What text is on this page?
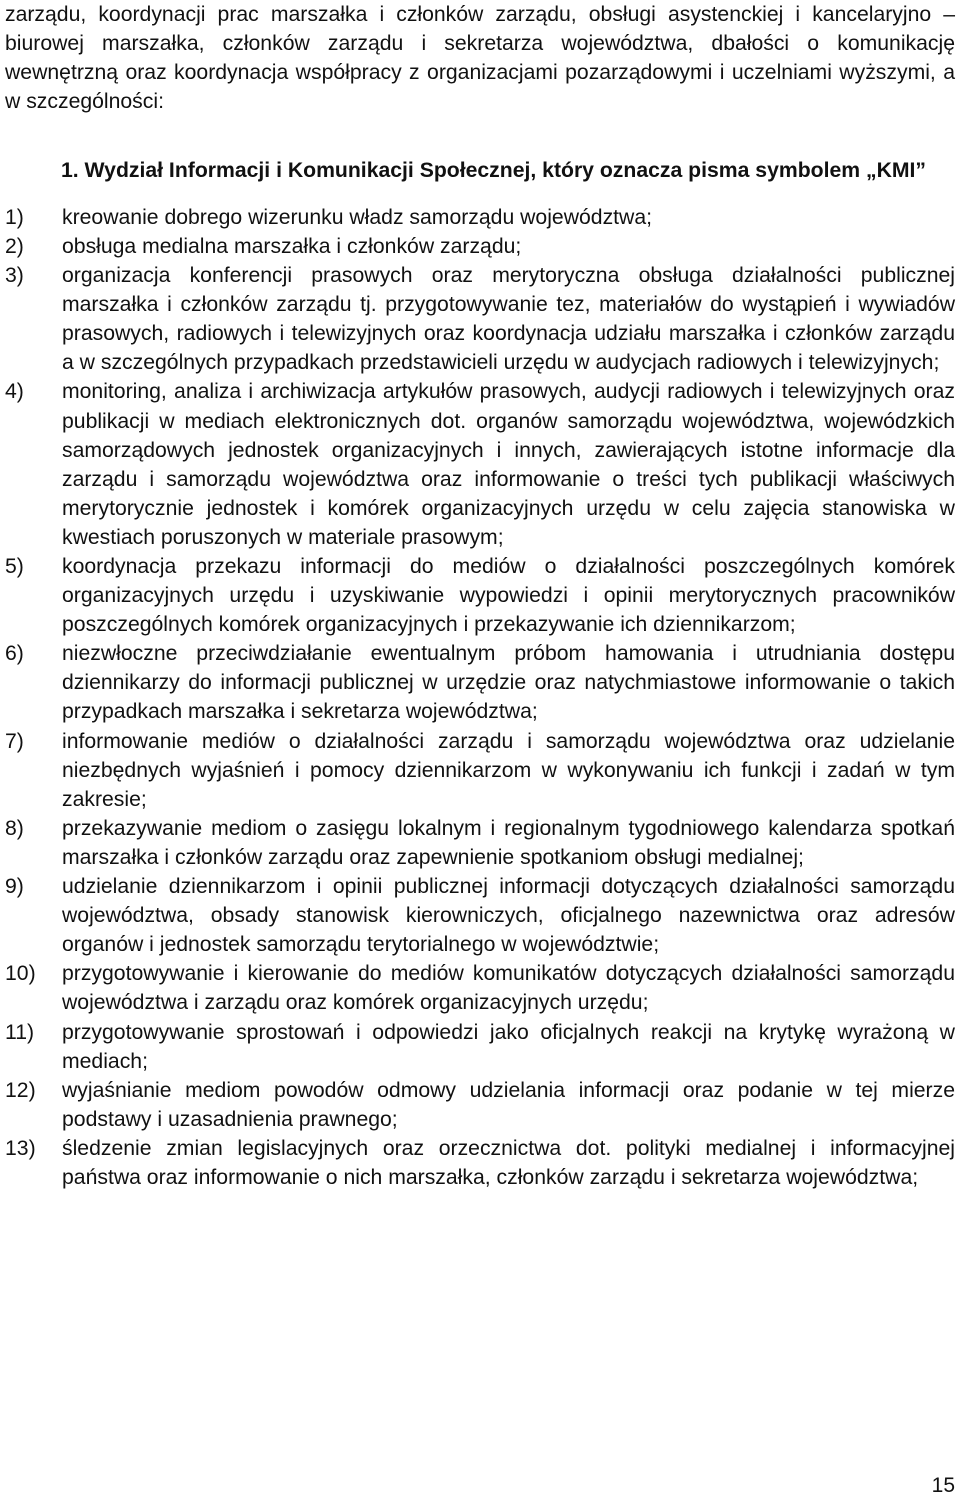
zarządu, koordynacji prac marszałka i członków zarządu, obsługi asystenckiej i kancelaryjno – biurowej marszałka, członków zarządu i sekretarza województwa, dbałości o komunikację wewnętrzną oraz koordynacja współpracy z organizacjami pozarządowymi i uczelniami wyższymi, a w szczególności:

1. Wydział Informacji i Komunikacji Społecznej, który oznacza pisma symbolem „KMI”

1)	kreowanie dobrego wizerunku władz samorządu województwa;
2)	obsługa medialna marszałka i członków zarządu;
3)	organizacja konferencji prasowych oraz merytoryczna obsługa działalności publicznej marszałka i członków zarządu tj. przygotowywanie tez, materiałów do wystąpień i wywiadów prasowych, radiowych i telewizyjnych oraz koordynacja udziału marszałka i członków zarządu a w szczególnych przypadkach przedstawicieli urzędu w audycjach radiowych i telewizyjnych;
4)	monitoring, analiza i archiwizacja artykułów prasowych, audycji radiowych i telewizyjnych oraz publikacji w mediach elektronicznych dot. organów samorządu województwa, wojewódzkich samorządowych jednostek organizacyjnych i innych, zawierających istotne informacje dla zarządu i samorządu województwa oraz informowanie o treści tych publikacji właściwych merytorycznie jednostek i komórek organizacyjnych urzędu w celu zajęcia stanowiska w kwestiach poruszonych w materiale prasowym;
5)	koordynacja przekazu informacji do mediów o działalności poszczególnych komórek organizacyjnych urzędu i uzyskiwanie wypowiedzi i opinii merytorycznych pracowników poszczególnych komórek organizacyjnych i przekazywanie ich dziennikarzom;
6)	niezwłoczne przeciwdziałanie ewentualnym próbom hamowania i utrudniania dostępu dziennikarzy do informacji publicznej w urzędzie oraz natychmiastowe informowanie o takich przypadkach marszałka i sekretarza województwa;
7)	informowanie mediów o działalności zarządu i samorządu województwa oraz udzielanie niezbędnych wyjaśnień i pomocy dziennikarzom w wykonywaniu ich funkcji i zadań w tym zakresie;
8)	przekazywanie mediom o zasięgu lokalnym i regionalnym tygodniowego kalendarza spotkań marszałka i członków zarządu oraz zapewnienie spotkaniom obsługi medialnej;
9)	udzielanie dziennikarzom i opinii publicznej informacji dotyczących działalności samorządu województwa, obsady stanowisk kierowniczych, oficjalnego nazewnictwa oraz adresów organów i jednostek samorządu terytorialnego w województwie;
10)	przygotowywanie i kierowanie do mediów komunikatów dotyczących działalności samorządu województwa i zarządu oraz komórek organizacyjnych urzędu;
11)	przygotowywanie sprostowań i odpowiedzi jako oficjalnych reakcji na krytykę wyrażoną w mediach;
12)	wyjaśnianie mediom powodów odmowy udzielania informacji oraz podanie w tej mierze podstawy i uzasadnienia prawnego;
13)	śledzenie zmian legislacyjnych oraz orzecznictwa dot. polityki medialnej i informacyjnej państwa oraz informowanie o nich marszałka, członków zarządu i sekretarza województwa;
15
